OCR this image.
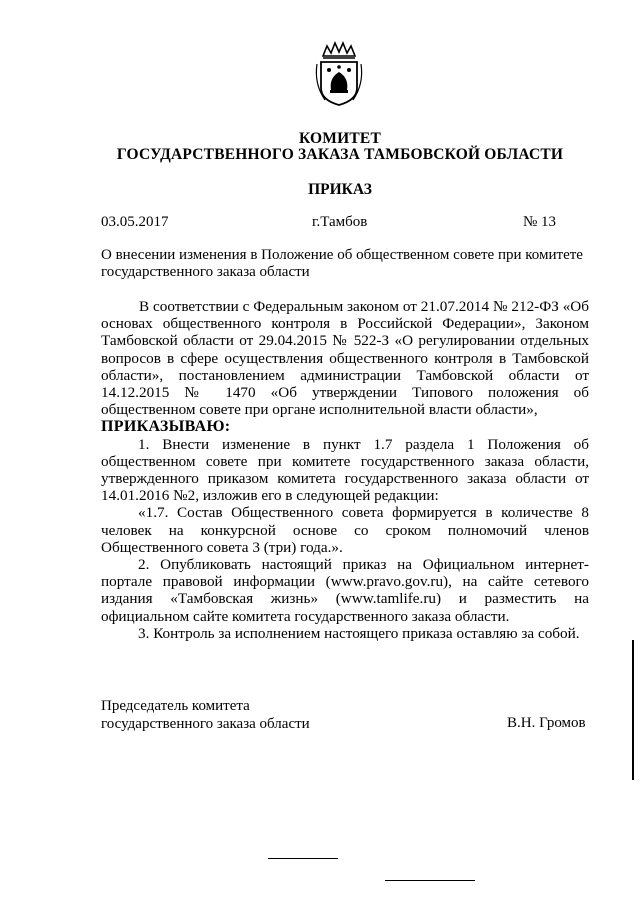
КОМИТЕТ
ГОСУДАРСТВЕННОГО ЗАКАЗА ТАМБОВСКОЙ ОБЛАСТИ
ПРИКАЗ
03.05.2017	г.Тамбов	№ 13
О внесении изменения в Положение об общественном совете при комитете государственного заказа области

В соответствии с Федеральным законом от 21.07.2014 № 212-ФЗ «Об основах общественного контроля в Российской Федерации», Законом Тамбовской области от 29.04.2015 № 522-З «О регулировании отдельных вопросов в сфере осуществления общественного контроля в Тамбовской области», постановлением администрации Тамбовской области от 14.12.2015 № 1470 «Об утверждении Типового положения об общественном совете при органе исполнительной власти области»,
ПРИКАЗЫВАЮ:

1. Внести изменение в пункт 1.7 раздела 1 Положения об общественном совете при комитете государственного заказа области, утвержденного приказом комитета государственного заказа области от 14.01.2016 №2, изложив его в следующей редакции:

«1.7. Состав Общественного совета формируется в количестве 8 человек на конкурсной основе со сроком полномочий членов Общественного совета 3 (три) года.».

2. Опубликовать настоящий приказ на Официальном интернет-портале правовой информации (www.pravo.gov.ru), на сайте сетевого издания «Тамбовская жизнь» (www.tamlife.ru) и разместить на официальном сайте комитета государственного заказа области.

3. Контроль за исполнением настоящего приказа оставляю за собой.

Председатель комитета
государственного заказа области	В.Н. Громов
